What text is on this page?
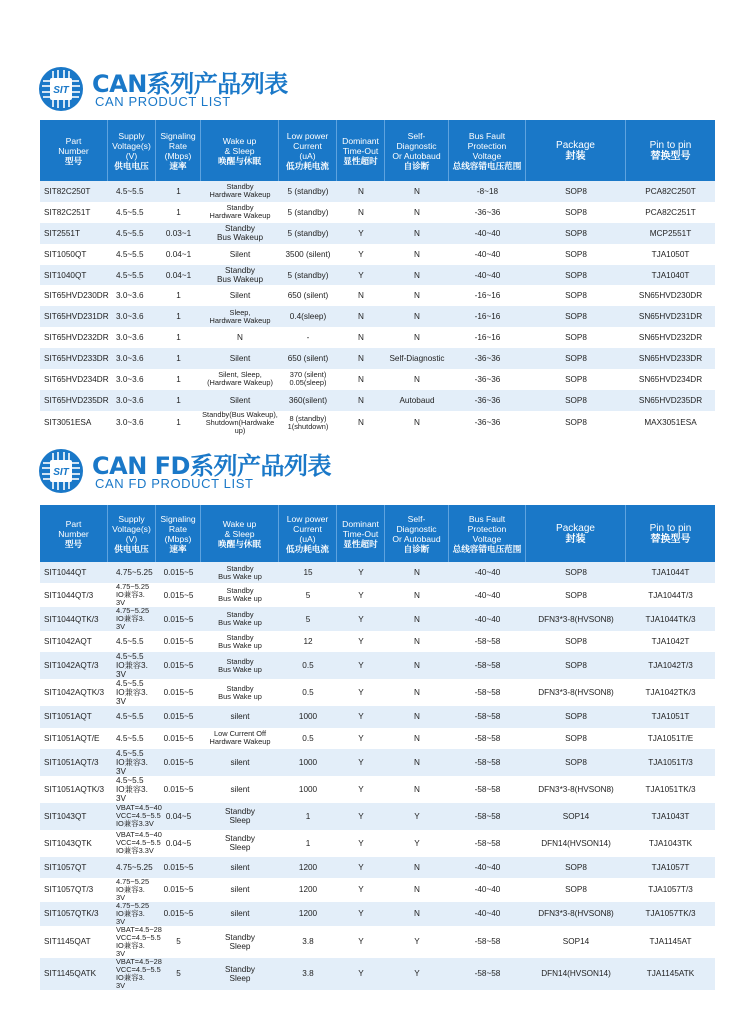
SIT CAN系列产品列表
CAN PRODUCT LIST
Part
Number
型号	Supply
Voltage(s)
(V)
供电电压	Signaling
Rate
(Mbps)
速率	Wake up
& Sleep
唤醒与休眠	Low power
Current
(uA)
低功耗电流	Dominant
Time-Out
显性超时	Self-
Diagnostic
Or Autobaud
自诊断	Bus Fault
Protection
Voltage
总线容错电压范围	Package
封装	Pin to pin
替换型号

SIT82C250T	4.5~5.5	1	Standby
Hardware Wakeup	5 (standby)	N	N	-8~18	SOP8	PCA82C250T
SIT82C251T	4.5~5.5	1	Standby
Hardware Wakeup	5 (standby)	N	N	-36~36	SOP8	PCA82C251T
SIT2551T	4.5~5.5	0.03~1	Standby
Bus Wakeup	5 (standby)	Y	N	-40~40	SOP8	MCP2551T
SIT1050QT	4.5~5.5	0.04~1	Silent	3500 (silent)	Y	N	-40~40	SOP8	TJA1050T
SIT1040QT	4.5~5.5	0.04~1	Standby
Bus Wakeup	5 (standby)	Y	N	-40~40	SOP8	TJA1040T
SIT65HVD230DR	3.0~3.6	1	Silent	650 (silent)	N	N	-16~16	SOP8	SN65HVD230DR
SIT65HVD231DR	3.0~3.6	1	Sleep,
Hardware Wakeup	0.4(sleep)	N	N	-16~16	SOP8	SN65HVD231DR
SIT65HVD232DR	3.0~3.6	1	N	-	N	N	-16~16	SOP8	SN65HVD232DR
SIT65HVD233DR	3.0~3.6	1	Silent	650 (silent)	N	Self-Diagnostic	-36~36	SOP8	SN65HVD233DR
SIT65HVD234DR	3.0~3.6	1	Silent, Sleep,
(Hardware Wakeup)	370 (silent)
0.05(sleep)	N	N	-36~36	SOP8	SN65HVD234DR
SIT65HVD235DR	3.0~3.6	1	Silent	360(silent)	N	Autobaud	-36~36	SOP8	SN65HVD235DR
SIT3051ESA	3.0~3.6	1	Standby(Bus Wakeup),
Shutdown(Hardwake up)	8 (standby)
1(shutdown)	N	N	-36~36	SOP8	MAX3051ESA
SIT CAN FD系列产品列表
CAN FD PRODUCT LIST
Part
Number
型号	Supply
Voltage(s)
(V)
供电电压	Signaling
Rate
(Mbps)
速率	Wake up
& Sleep
唤醒与休眠	Low power
Current
(uA)
低功耗电流	Dominant
Time-Out
显性超时	Self-
Diagnostic
Or Autobaud
自诊断	Bus Fault
Protection
Voltage
总线容错电压范围	Package
封装	Pin to pin
替换型号

SIT1044QT	4.75~5.25	0.015~5	Standby
Bus Wake up	15	Y	N	-40~40	SOP8	TJA1044T
SIT1044QT/3	4.75~5.25
IO兼容3. 3V	0.015~5	Standby
Bus Wake up	5	Y	N	-40~40	SOP8	TJA1044T/3
SIT1044QTK/3	4.75~5.25
IO兼容3. 3V	0.015~5	Standby
Bus Wake up	5	Y	N	-40~40	DFN3*3-8(HVSON8)	TJA1044TK/3
SIT1042AQT	4.5~5.5	0.015~5	Standby
Bus Wake up	12	Y	N	-58~58	SOP8	TJA1042T
SIT1042AQT/3	4.5~5.5
IO兼容3. 3V	0.015~5	Standby
Bus Wake up	0.5	Y	N	-58~58	SOP8	TJA1042T/3
SIT1042AQTK/3	4.5~5.5
IO兼容3. 3V	0.015~5	Standby
Bus Wake up	0.5	Y	N	-58~58	DFN3*3-8(HVSON8)	TJA1042TK/3
SIT1051AQT	4.5~5.5	0.015~5	silent	1000	Y	N	-58~58	SOP8	TJA1051T
SIT1051AQT/E	4.5~5.5	0.015~5	Low Current Off
Hardware Wakeup	0.5	Y	N	-58~58	SOP8	TJA1051T/E
SIT1051AQT/3	4.5~5.5
IO兼容3. 3V	0.015~5	silent	1000	Y	N	-58~58	SOP8	TJA1051T/3
SIT1051AQTK/3	4.5~5.5
IO兼容3. 3V	0.015~5	silent	1000	Y	N	-58~58	DFN3*3-8(HVSON8)	TJA1051TK/3
SIT1043QT	VBAT=4.5~40
VCC=4.5~5.5
IO兼容3.3V	0.04~5	Standby
Sleep	1	Y	Y	-58~58	SOP14	TJA1043T
SIT1043QTK	VBAT=4.5~40
VCC=4.5~5.5
IO兼容3.3V	0.04~5	Standby
Sleep	1	Y	Y	-58~58	DFN14(HVSON14)	TJA1043TK
SIT1057QT	4.75~5.25	0.015~5	silent	1200	Y	N	-40~40	SOP8	TJA1057T
SIT1057QT/3	4.75~5.25
IO兼容3. 3V	0.015~5	silent	1200	Y	N	-40~40	SOP8	TJA1057T/3
SIT1057QTK/3	4.75~5.25
IO兼容3. 3V	0.015~5	silent	1200	Y	N	-40~40	DFN3*3-8(HVSON8)	TJA1057TK/3
SIT1145QAT	VBAT=4.5~28
VCC=4.5~5.5
IO兼容3. 3V	5	Standby
Sleep	3.8	Y	Y	-58~58	SOP14	TJA1145AT
SIT1145QATK	VBAT=4.5~28
VCC=4.5~5.5
IO兼容3. 3V	5	Standby
Sleep	3.8	Y	Y	-58~58	DFN14(HVSON14)	TJA1145ATK
